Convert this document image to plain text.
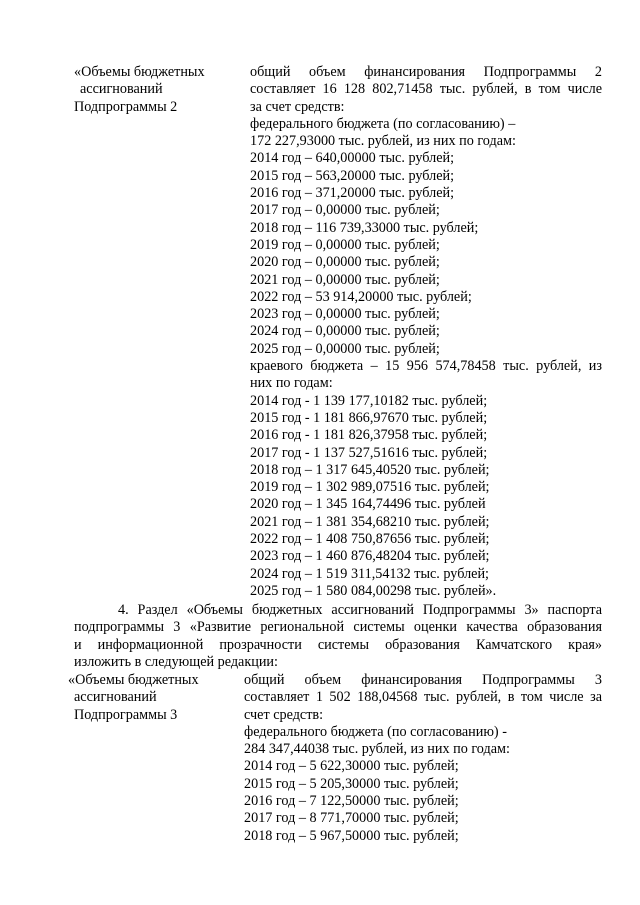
«Объемы бюджетных
ассигнований
Подпрограммы 2
общий объем финансирования Подпрограммы 2
составляет 16 128 802,71458 тыс. рублей, в том числе
за счет средств:
федерального бюджета (по согласованию) –
172 227,93000 тыс. рублей, из них по годам:
2014 год – 640,00000 тыс. рублей;
2015 год – 563,20000 тыс. рублей;
2016 год – 371,20000 тыс. рублей;
2017 год – 0,00000 тыс. рублей;
2018 год – 116 739,33000 тыс. рублей;
2019 год – 0,00000 тыс. рублей;
2020 год – 0,00000 тыс. рублей;
2021 год – 0,00000 тыс. рублей;
2022 год – 53 914,20000 тыс. рублей;
2023 год – 0,00000 тыс. рублей;
2024 год – 0,00000 тыс. рублей;
2025 год – 0,00000 тыс. рублей;
краевого бюджета – 15 956 574,78458 тыс. рублей, из
них по годам:
2014 год - 1 139 177,10182 тыс. рублей;
2015 год - 1 181 866,97670 тыс. рублей;
2016 год - 1 181 826,37958 тыс. рублей;
2017 год - 1 137 527,51616 тыс. рублей;
2018 год – 1 317 645,40520 тыс. рублей;
2019 год – 1 302 989,07516 тыс. рублей;
2020 год – 1 345 164,74496 тыс. рублей
2021 год – 1 381 354,68210 тыс. рублей;
2022 год – 1 408 750,87656 тыс. рублей;
2023 год – 1 460 876,48204 тыс. рублей;
2024 год – 1 519 311,54132 тыс. рублей;
2025 год – 1 580 084,00298 тыс. рублей».
4. Раздел «Объемы бюджетных ассигнований Подпрограммы 3» паспорта
подпрограммы 3 «Развитие региональной системы оценки качества образования
и информационной прозрачности системы образования Камчатского края»
изложить в следующей редакции:
«Объемы бюджетных
ассигнований
Подпрограммы 3
общий объем финансирования Подпрограммы 3
составляет 1 502 188,04568 тыс. рублей, в том числе за
счет средств:
федерального бюджета (по согласованию) -
284 347,44038 тыс. рублей, из них по годам:
2014 год – 5 622,30000 тыс. рублей;
2015 год – 5 205,30000 тыс. рублей;
2016 год – 7 122,50000 тыс. рублей;
2017 год – 8 771,70000 тыс. рублей;
2018 год – 5 967,50000 тыс. рублей;
